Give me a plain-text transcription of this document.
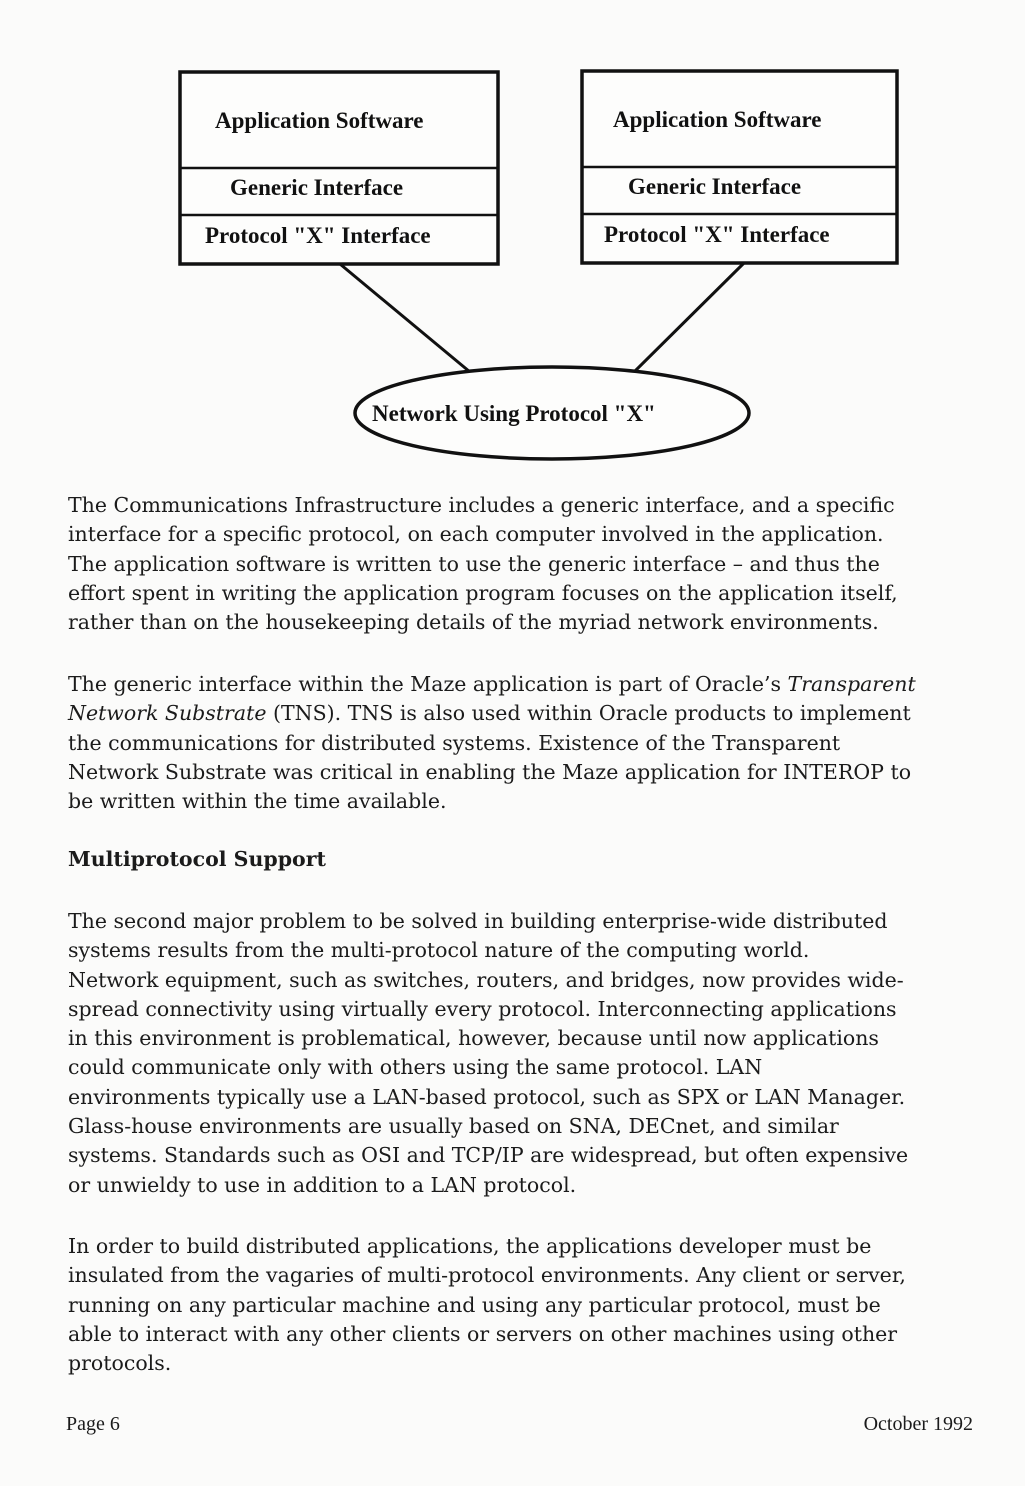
Application Software
Generic Interface
Protocol "X" Interface
Application Software
Generic Interface
Protocol "X" Interface
Network Using Protocol "X"

The Communications Infrastructure includes a generic interface, and a specific
interface for a specific protocol, on each computer involved in the application.
The application software is written to use the generic interface – and thus the
effort spent in writing the application program focuses on the application itself,
rather than on the housekeeping details of the myriad network environments.

The generic interface within the Maze application is part of Oracle’s Transparent
Network Substrate (TNS). TNS is also used within Oracle products to implement
the communications for distributed systems. Existence of the Transparent
Network Substrate was critical in enabling the Maze application for INTEROP to
be written within the time available.

Multiprotocol Support

The second major problem to be solved in building enterprise-wide distributed
systems results from the multi-protocol nature of the computing world.
Network equipment, such as switches, routers, and bridges, now provides wide-
spread connectivity using virtually every protocol. Interconnecting applications
in this environment is problematical, however, because until now applications
could communicate only with others using the same protocol. LAN
environments typically use a LAN-based protocol, such as SPX or LAN Manager.
Glass-house environments are usually based on SNA, DECnet, and similar
systems. Standards such as OSI and TCP/IP are widespread, but often expensive
or unwieldy to use in addition to a LAN protocol.

In order to build distributed applications, the applications developer must be
insulated from the vagaries of multi-protocol environments. Any client or server,
running on any particular machine and using any particular protocol, must be
able to interact with any other clients or servers on other machines using other
protocols.

Page 6	October 1992
